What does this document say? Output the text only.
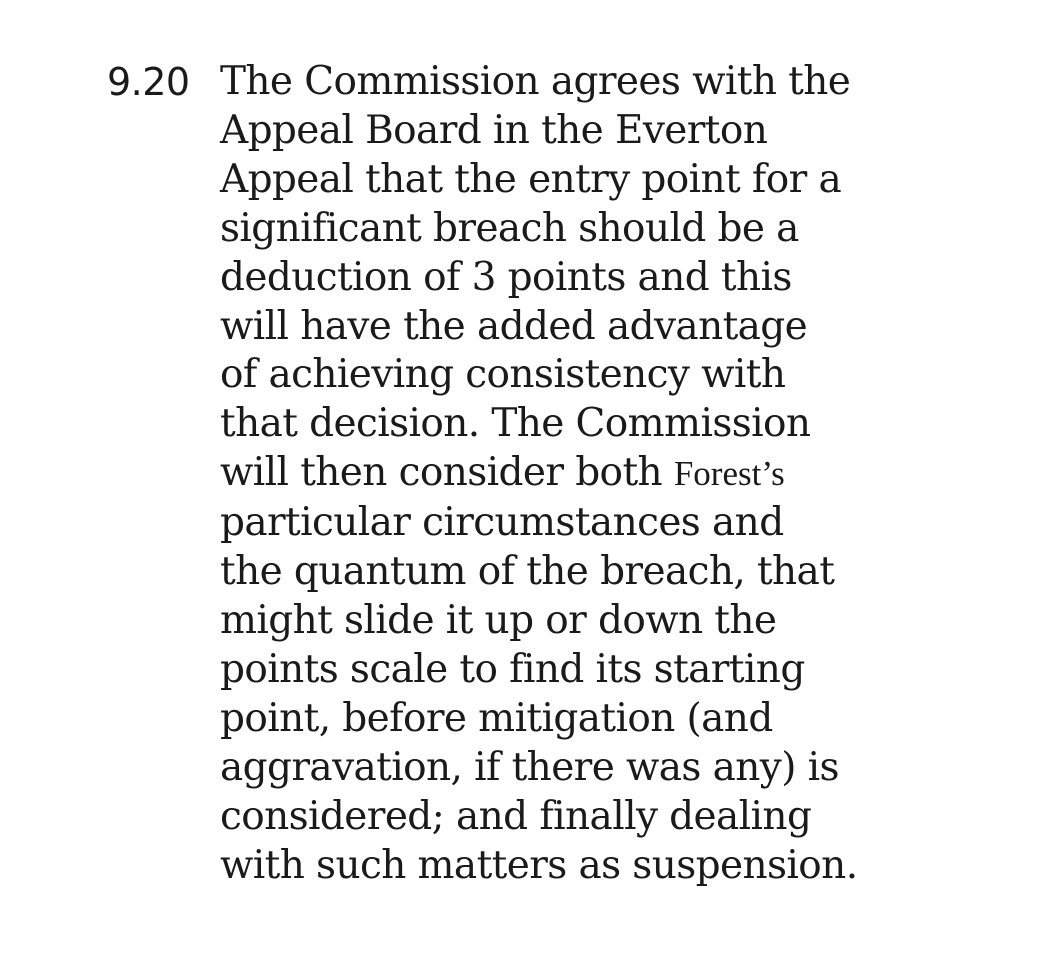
9.20 The Commission agrees with the
Appeal Board in the Everton
Appeal that the entry point for a
significant breach should be a
deduction of 3 points and this
will have the added advantage
of achieving consistency with
that decision. The Commission
will then consider both Forest’s
particular circumstances and
the quantum of the breach, that
might slide it up or down the
points scale to find its starting
point, before mitigation (and
aggravation, if there was any) is
considered; and finally dealing
with such matters as suspension.
